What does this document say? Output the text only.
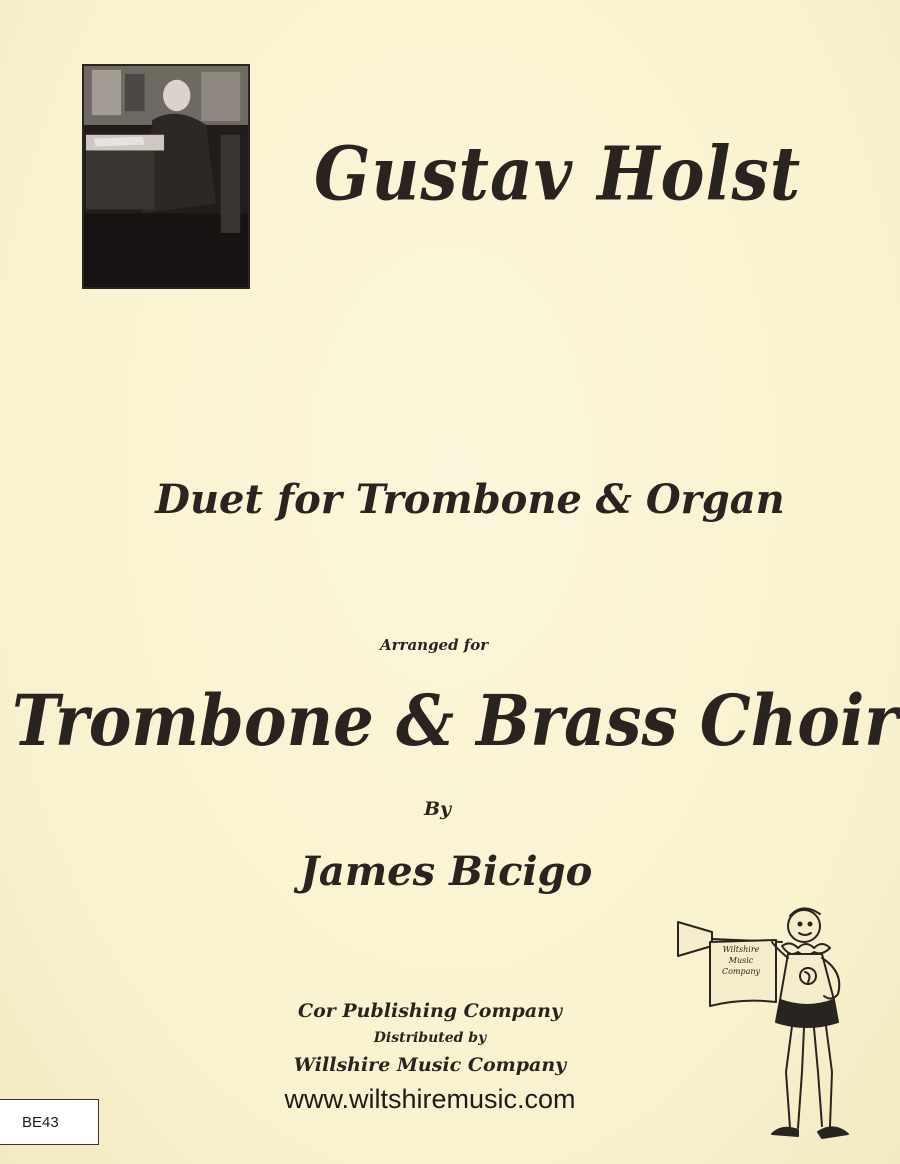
Gustav Holst
Duet for Trombone & Organ
Arranged for
Trombone & Brass Choir
By
James Bicigo
Cor Publishing Company
Distributed by
Willshire Music Company
www.wiltshiremusic.com
BE43
Wiltshire
Music
Company
